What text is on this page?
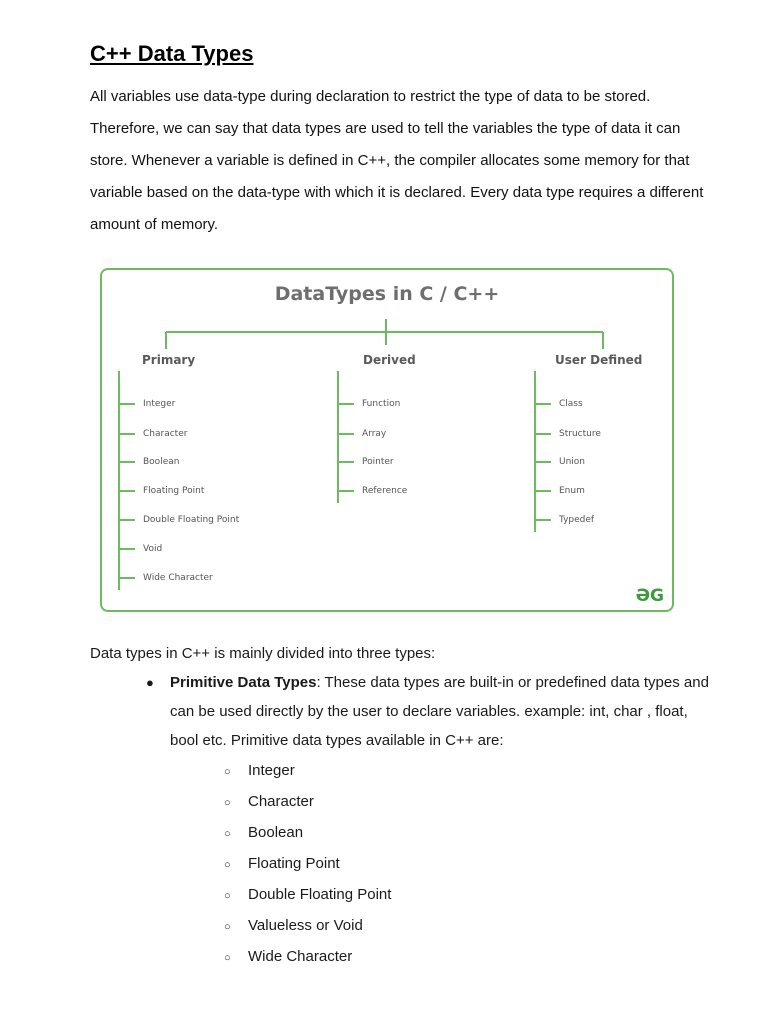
C++ Data Types

All variables use data-type during declaration to restrict the type of data to be stored. Therefore, we can say that data types are used to tell the variables the type of data it can store. Whenever a variable is defined in C++, the compiler allocates some memory for that variable based on the data-type with which it is declared. Every data type requires a different amount of memory.

DataTypes in C / C++
Primary	Derived	User Defined
Integer
Character
Boolean
Floating Point
Double Floating Point
Void
Wide Character
Function
Array
Pointer
Reference
Class
Structure
Union
Enum
Typedef
ƏG

Data types in C++ is mainly divided into three types:

● Primitive Data Types: These data types are built-in or predefined data types and can be used directly by the user to declare variables. example: int, char , float, bool etc. Primitive data types available in C++ are:
○ Integer
○ Character
○ Boolean
○ Floating Point
○ Double Floating Point
○ Valueless or Void
○ Wide Character
